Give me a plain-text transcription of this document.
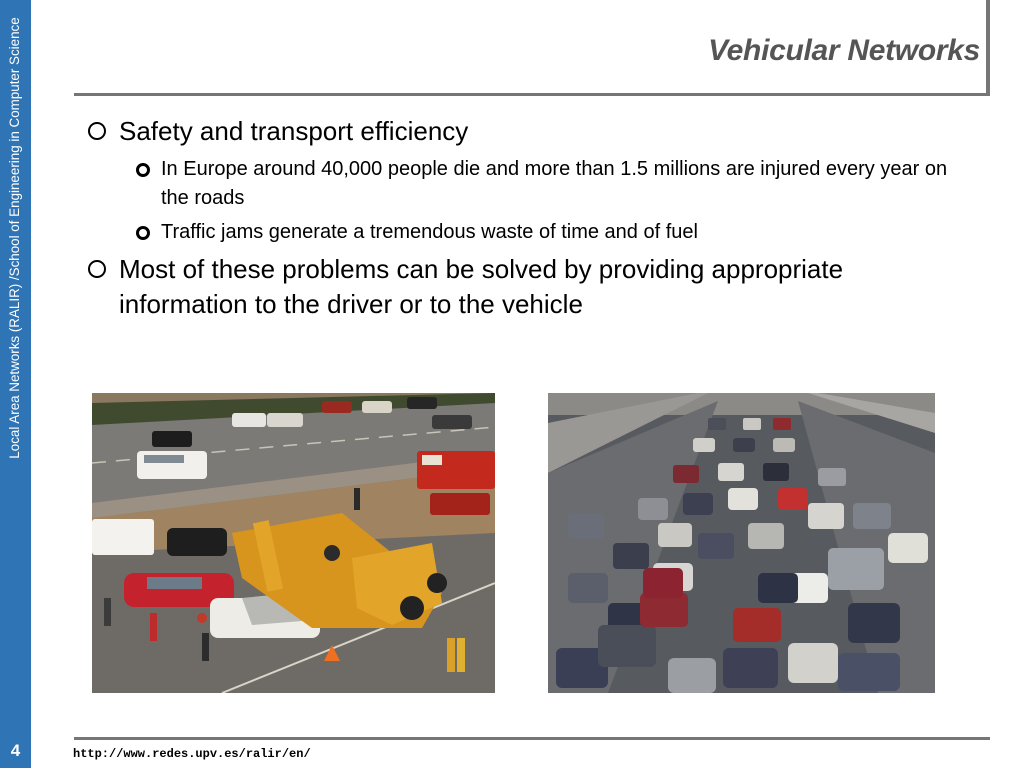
Local Area Networks (RALIR) /School of Engineering in Computer Science
4
Vehicular Networks
Safety and transport efficiency
In Europe around 40,000 people die and more than 1.5 millions are injured every year on the roads
Traffic jams generate a tremendous waste of time and of fuel
Most of these problems can be solved by providing appropriate information to the driver or to the vehicle
http://www.redes.upv.es/ralir/en/
